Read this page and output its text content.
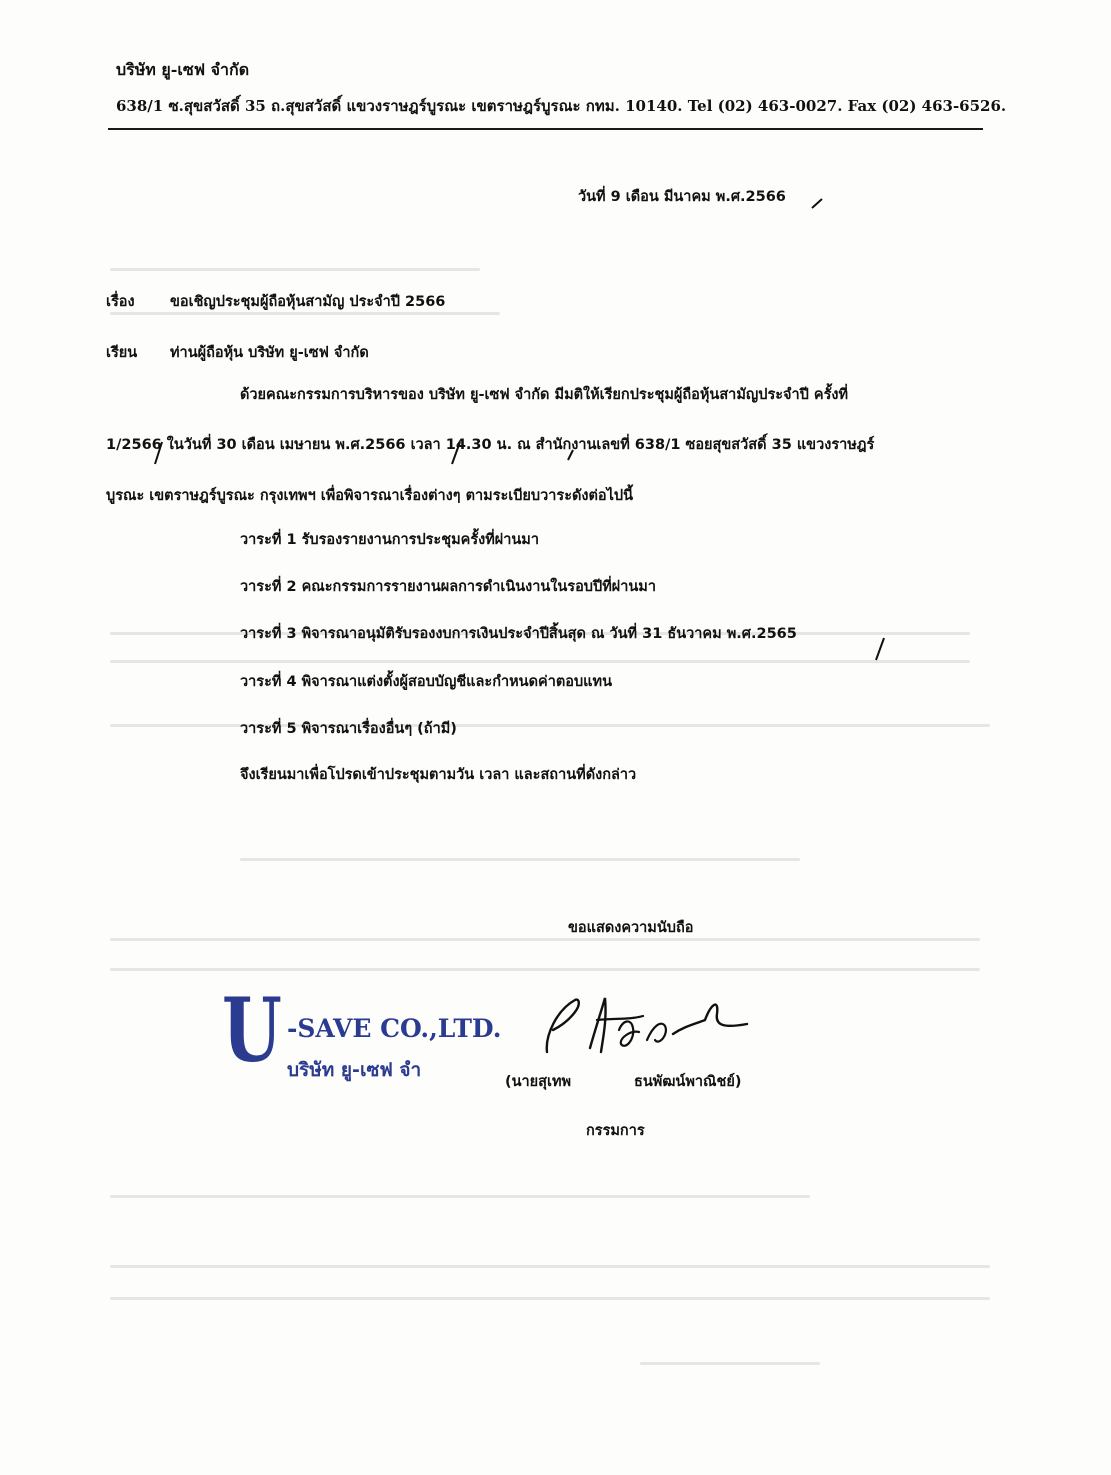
บริษัท ยู-เซฟ จำกัด
638/1 ซ.สุขสวัสดิ์ 35 ถ.สุขสวัสดิ์ แขวงราษฎร์บูรณะ เขตราษฎร์บูรณะ กทม. 10140. Tel (02) 463-0027. Fax (02) 463-6526.
วันที่ 9 เดือน มีนาคม พ.ศ.2566
เรื่อง ขอเชิญประชุมผู้ถือหุ้นสามัญ ประจำปี 2566
เรียน ท่านผู้ถือหุ้น บริษัท ยู-เซฟ จำกัด
ด้วยคณะกรรมการบริหารของ บริษัท ยู-เซฟ จำกัด มีมติให้เรียกประชุมผู้ถือหุ้นสามัญประจำปี ครั้งที่
1/2566 ในวันที่ 30 เดือน เมษายน พ.ศ.2566 เวลา 14.30 น. ณ สำนักงานเลขที่ 638/1 ซอยสุขสวัสดิ์ 35 แขวงราษฎร์
บูรณะ เขตราษฎร์บูรณะ กรุงเทพฯ เพื่อพิจารณาเรื่องต่างๆ ตามระเบียบวาระดังต่อไปนี้
วาระที่ 1 รับรองรายงานการประชุมครั้งที่ผ่านมา
วาระที่ 2 คณะกรรมการรายงานผลการดำเนินงานในรอบปีที่ผ่านมา
วาระที่ 3 พิจารณาอนุมัติรับรองงบการเงินประจำปีสิ้นสุด ณ วันที่ 31 ธันวาคม พ.ศ.2565
วาระที่ 4 พิจารณาแต่งตั้งผู้สอบบัญชีและกำหนดค่าตอบแทน
วาระที่ 5 พิจารณาเรื่องอื่นๆ (ถ้ามี)
จึงเรียนมาเพื่อโปรดเข้าประชุมตามวัน เวลา และสถานที่ดังกล่าว
ขอแสดงความนับถือ
U -SAVE CO.,LTD.
บริษัท ยู-เซฟ จำ
(นายสุเทพ	ธนพัฒน์พาณิชย์)
กรรมการ
